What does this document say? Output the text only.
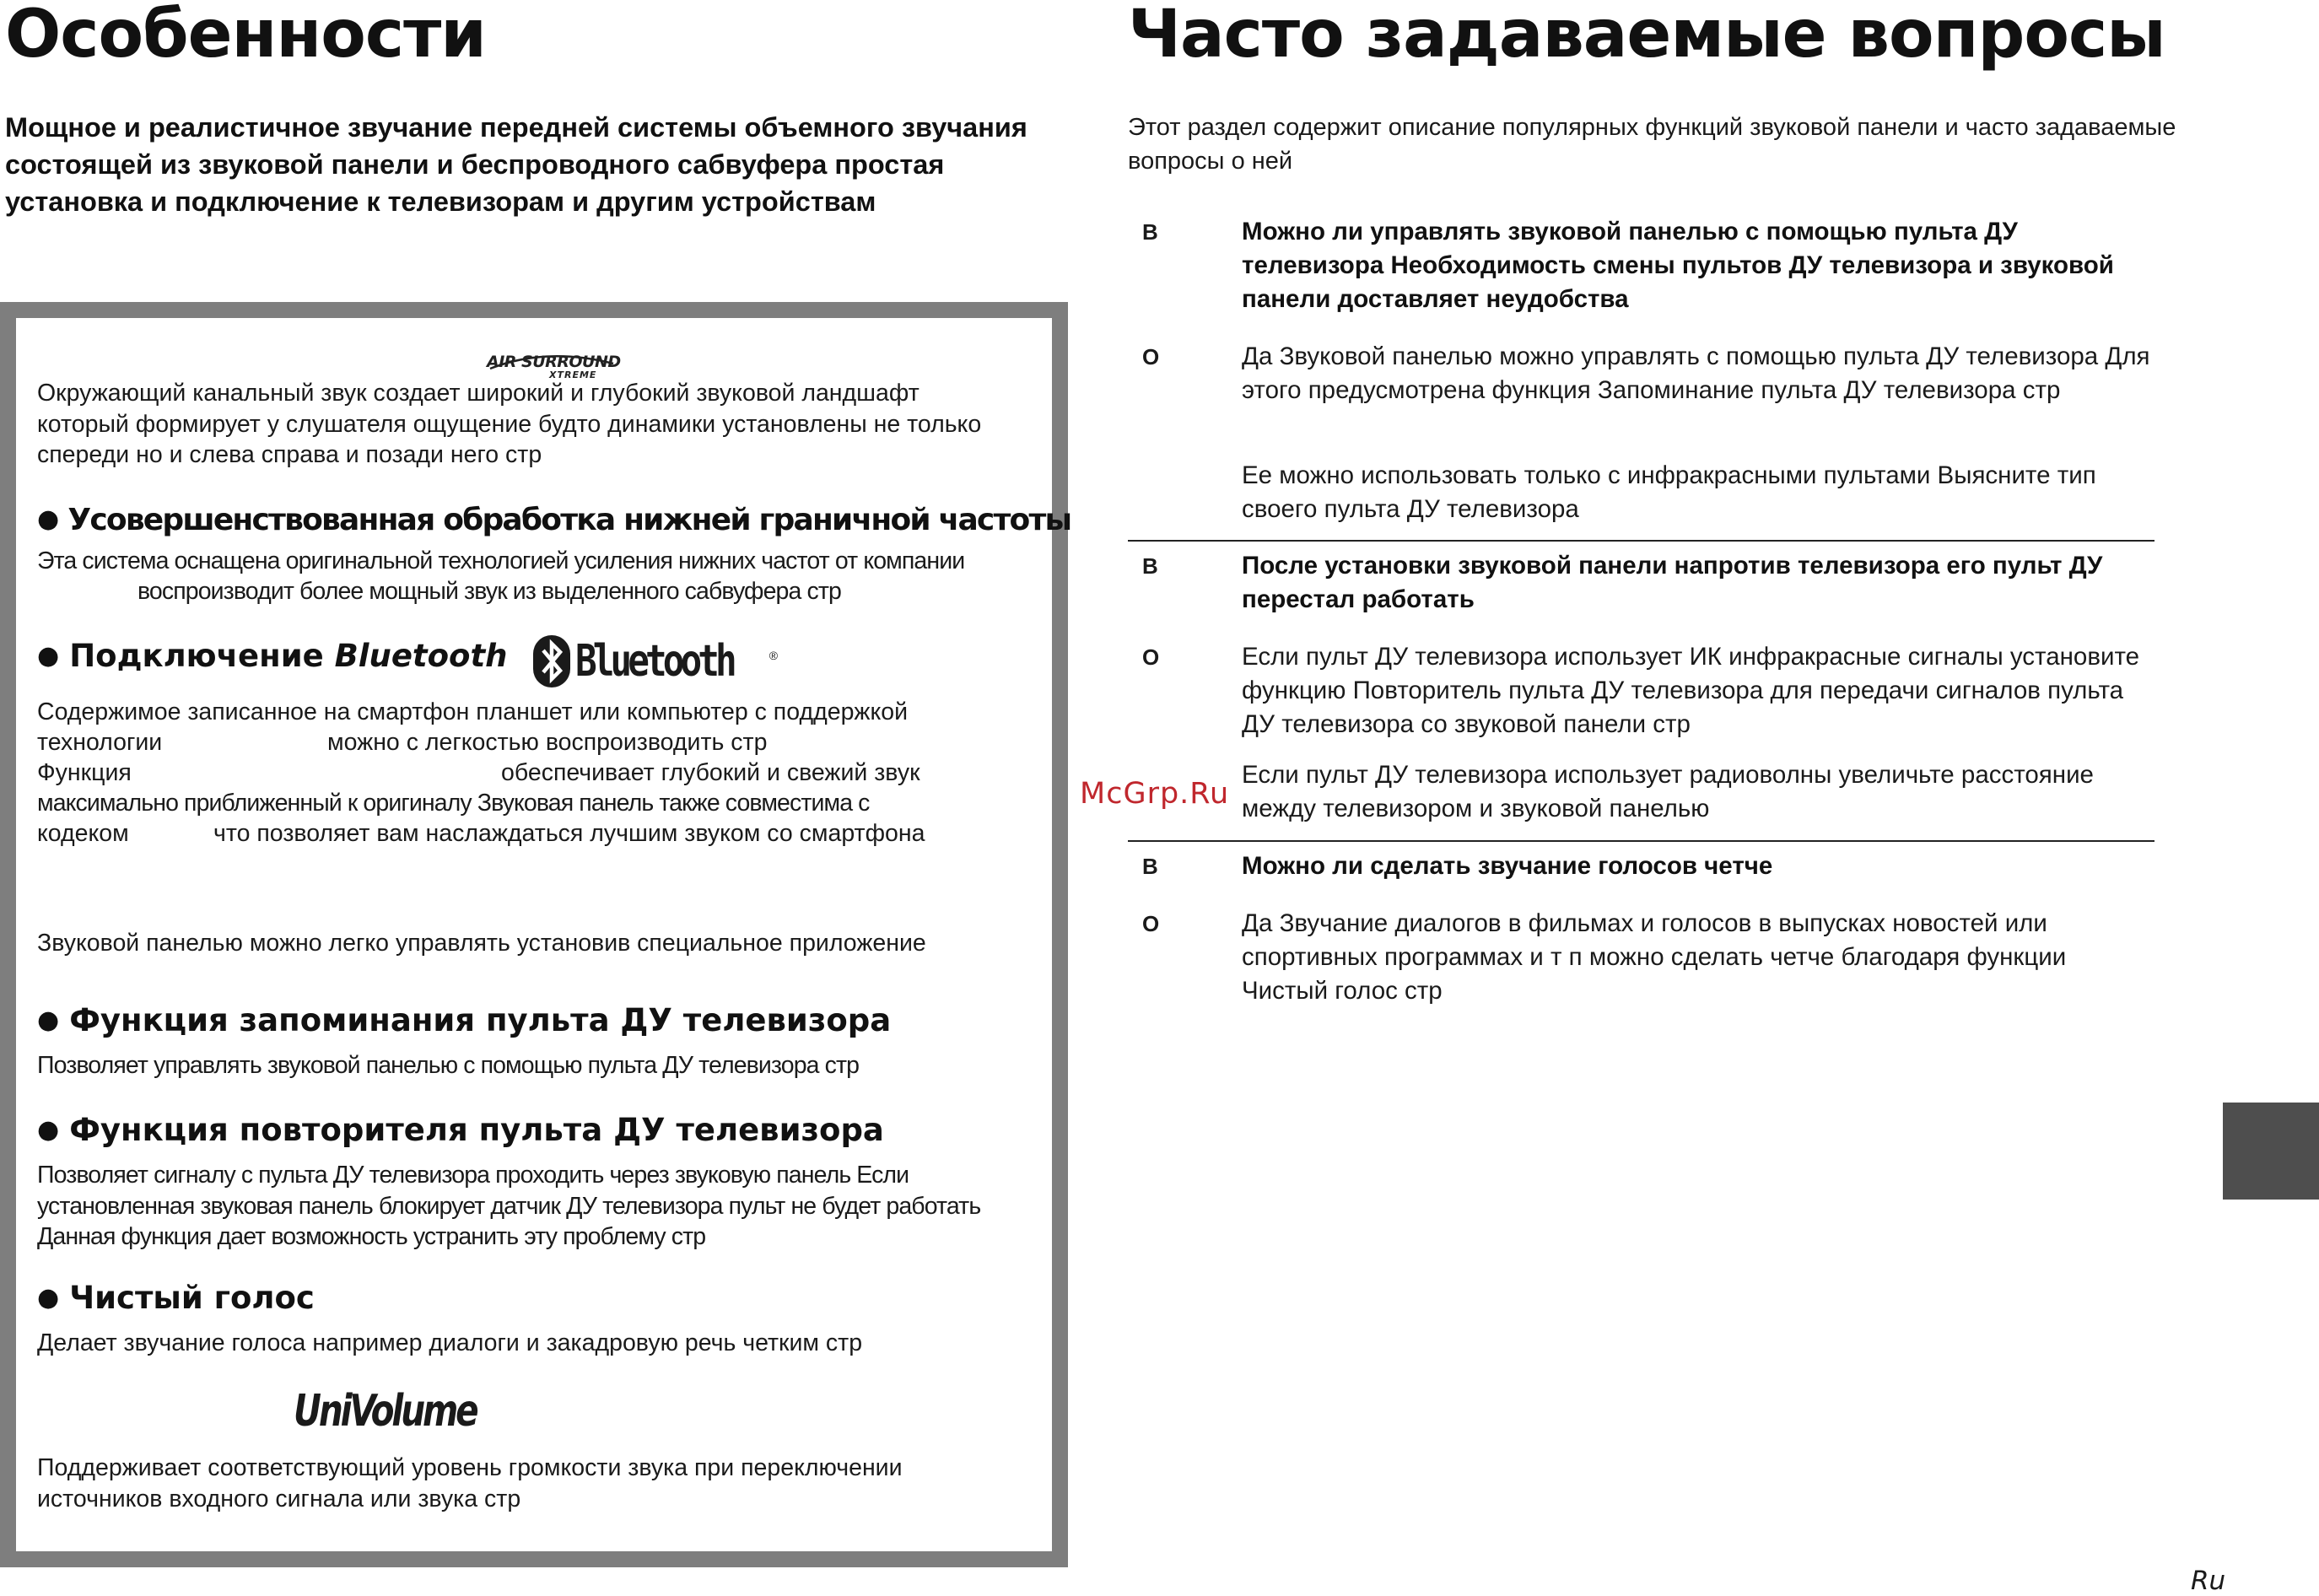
Особенности	Часто задаваемые вопросы
Мощное и реалистичное звучание передней системы объемного звучания состоящей из звуковой панели и беспроводного сабвуфера простая установка и подключение к телевизорам и другим устройствам
AIR SURROUND
XTREME

Окружающий канальный звук создает широкий и глубокий звуковой ландшафт который формирует у слушателя ощущение будто динамики установлены не только спереди но и слева справа и позади него стр

● Усовершенствованная обработка нижней граничной частоты

Эта система оснащена оригинальной технологией усиления нижних частот от компании

воспроизводит более мощный звук из выделенного сабвуфера стр

● Подключение Bluetooth	Bluetooth	®

Содержимое записанное на смартфон планшет или компьютер с поддержкой

технологии	можно с легкостью воспроизводить стр

Функция	обеспечивает глубокий и свежий звук

максимально приближенный к оригиналу Звуковая панель также совместима с

кодеком	что позволяет вам наслаждаться лучшим звуком со смартфона

Звуковой панелью можно легко управлять установив специальное приложение

● Функция запоминания пульта ДУ телевизора

Позволяет управлять звуковой панелью с помощью пульта ДУ телевизора стр

● Функция повторителя пульта ДУ телевизора

Позволяет сигналу с пульта ДУ телевизора проходить через звуковую панель Если установленная звуковая панель блокирует датчик ДУ телевизора пульт не будет работать Данная функция дает возможность устранить эту проблему стр

● Чистый голос

Делает звучание голоса например диалоги и закадровую речь четким стр

UniVolume

Поддерживает соответствующий уровень громкости звука при переключении источников входного сигнала или звука стр

Этот раздел содержит описание популярных функций звуковой панели и часто задаваемые вопросы о ней
В	Можно ли управлять звуковой панелью с помощью пульта ДУ телевизора Необходимость смены пультов ДУ телевизора и звуковой панели доставляет неудобства
О	Да Звуковой панелью можно управлять с помощью пульта ДУ телевизора Для этого предусмотрена функция Запоминание пульта ДУ телевизора стр
Ее можно использовать только с инфракрасными пультами Выясните тип своего пульта ДУ телевизора
В	После установки звуковой панели напротив телевизора его пульт ДУ перестал работать
О	Если пульт ДУ телевизора использует ИК инфракрасные сигналы установите функцию Повторитель пульта ДУ телевизора для передачи сигналов пульта ДУ телевизора со звуковой панели стр
Если пульт ДУ телевизора использует радиоволны увеличьте расстояние между телевизором и звуковой панелью
В	Можно ли сделать звучание голосов четче
О	Да Звучание диалогов в фильмах и голосов в выпусках новостей или спортивных программах и т п можно сделать четче благодаря функции Чистый голос стр
McGrp.Ru
Ru
